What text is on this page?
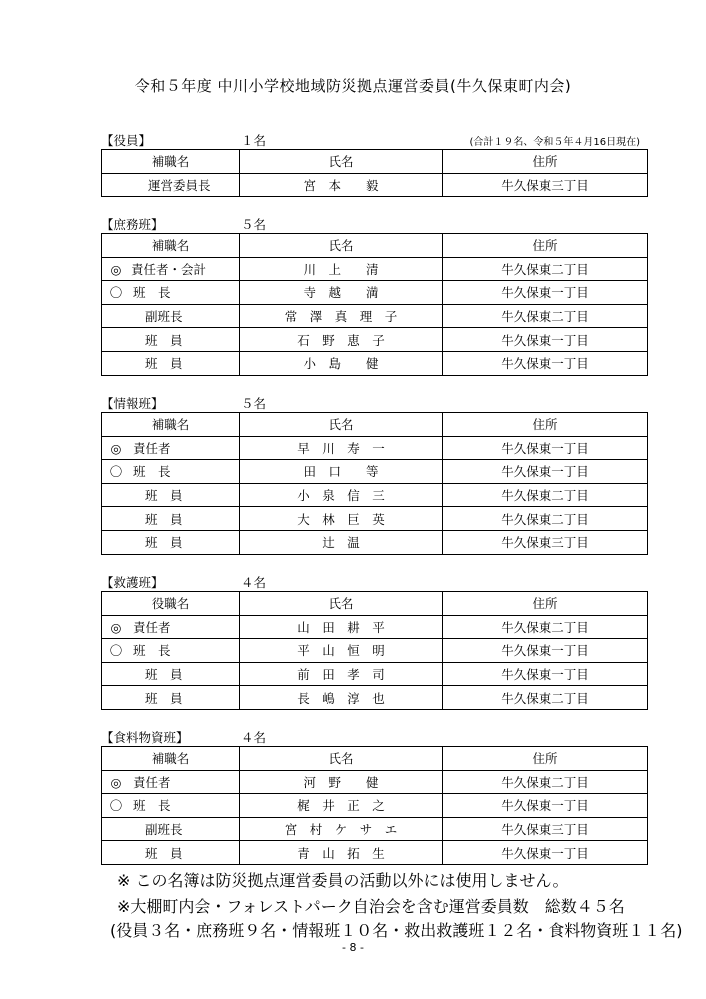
令和５年度 中川小学校地域防災拠点運営委員(牛久保東町内会)
【役員】	１名	(合計１９名、令和５年４月16日現在)
補職名	氏名	住所
運営委員長	宮　本　　毅	牛久保東三丁目
【庶務班】	５名
補職名	氏名	住所
◎ 責任者・会計	川　上　　清	牛久保東二丁目
〇 班　長	寺　越　　満	牛久保東一丁目
副班長	常　澤　真　理　子	牛久保東二丁目
班　員	石　野　恵　子	牛久保東一丁目
班　員	小　島　　健	牛久保東一丁目
【情報班】	５名
補職名	氏名	住所
◎ 責任者	早　川　寿　一	牛久保東一丁目
〇 班　長	田　口　　等	牛久保東一丁目
班　員	小　泉　信　三	牛久保東二丁目
班　員	大　林　巨　英	牛久保東二丁目
班　員	辻　温	牛久保東三丁目
【救護班】	４名
役職名	氏名	住所
◎ 責任者	山　田　耕　平	牛久保東二丁目
〇 班　長	平　山　恒　明	牛久保東一丁目
班　員	前　田　孝　司	牛久保東一丁目
班　員	長　嶋　淳　也	牛久保東二丁目
【食料物資班】	４名
補職名	氏名	住所
◎ 責任者	河　野　　健	牛久保東二丁目
〇 班　長	梶　井　正　之	牛久保東一丁目
副班長	宮　村　ケ　サ　エ	牛久保東三丁目
班　員	青　山　拓　生	牛久保東一丁目
※ この名簿は防災拠点運営委員の活動以外には使用しません。
※大棚町内会・フォレストパーク自治会を含む運営委員数　総数４５名
(役員３名・庶務班９名・情報班１０名・救出救護班１２名・食料物資班１１名)
- 8 -
